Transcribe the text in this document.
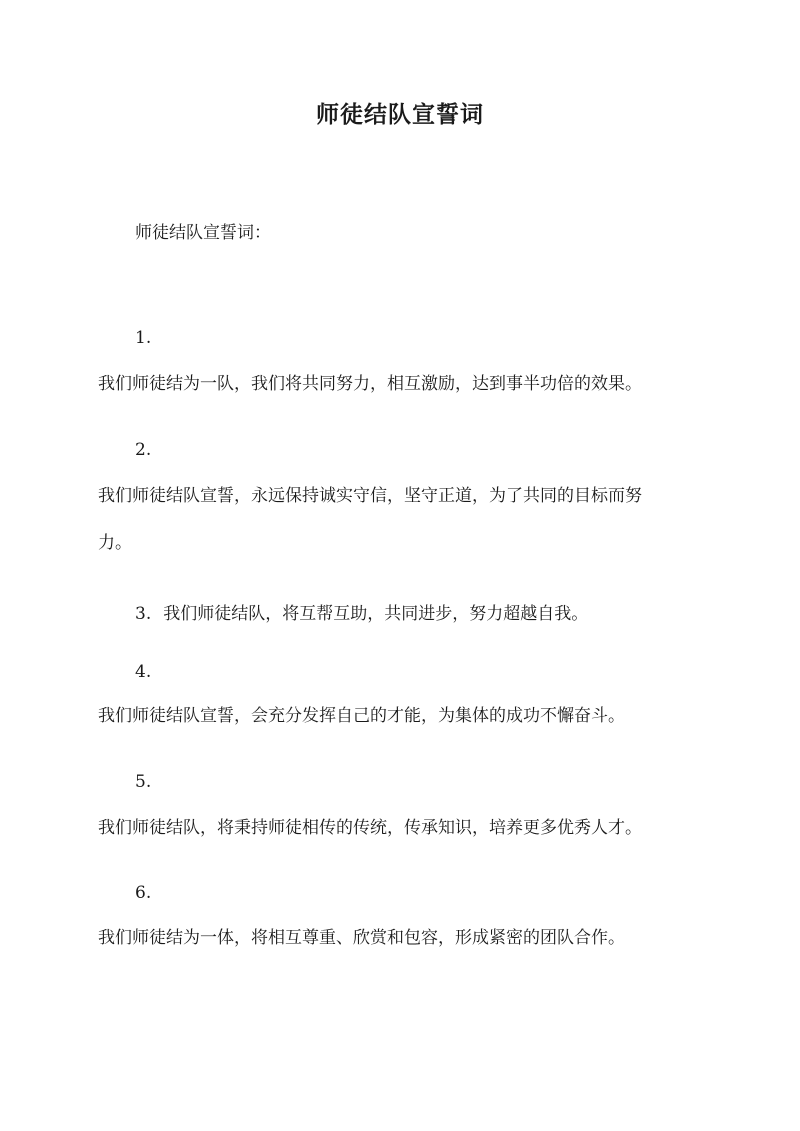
师徒结队宣誓词

师徒结队宣誓词：

1.

我们师徒结为一队，我们将共同努力，相互激励，达到事半功倍的效果。

2.

我们师徒结队宣誓，永远保持诚实守信，坚守正道，为了共同的目标而努

力。

3. 我们师徒结队，将互帮互助，共同进步，努力超越自我。

4.

我们师徒结队宣誓，会充分发挥自己的才能，为集体的成功不懈奋斗。

5.

我们师徒结队，将秉持师徒相传的传统，传承知识，培养更多优秀人才。

6.

我们师徒结为一体，将相互尊重、欣赏和包容，形成紧密的团队合作。
